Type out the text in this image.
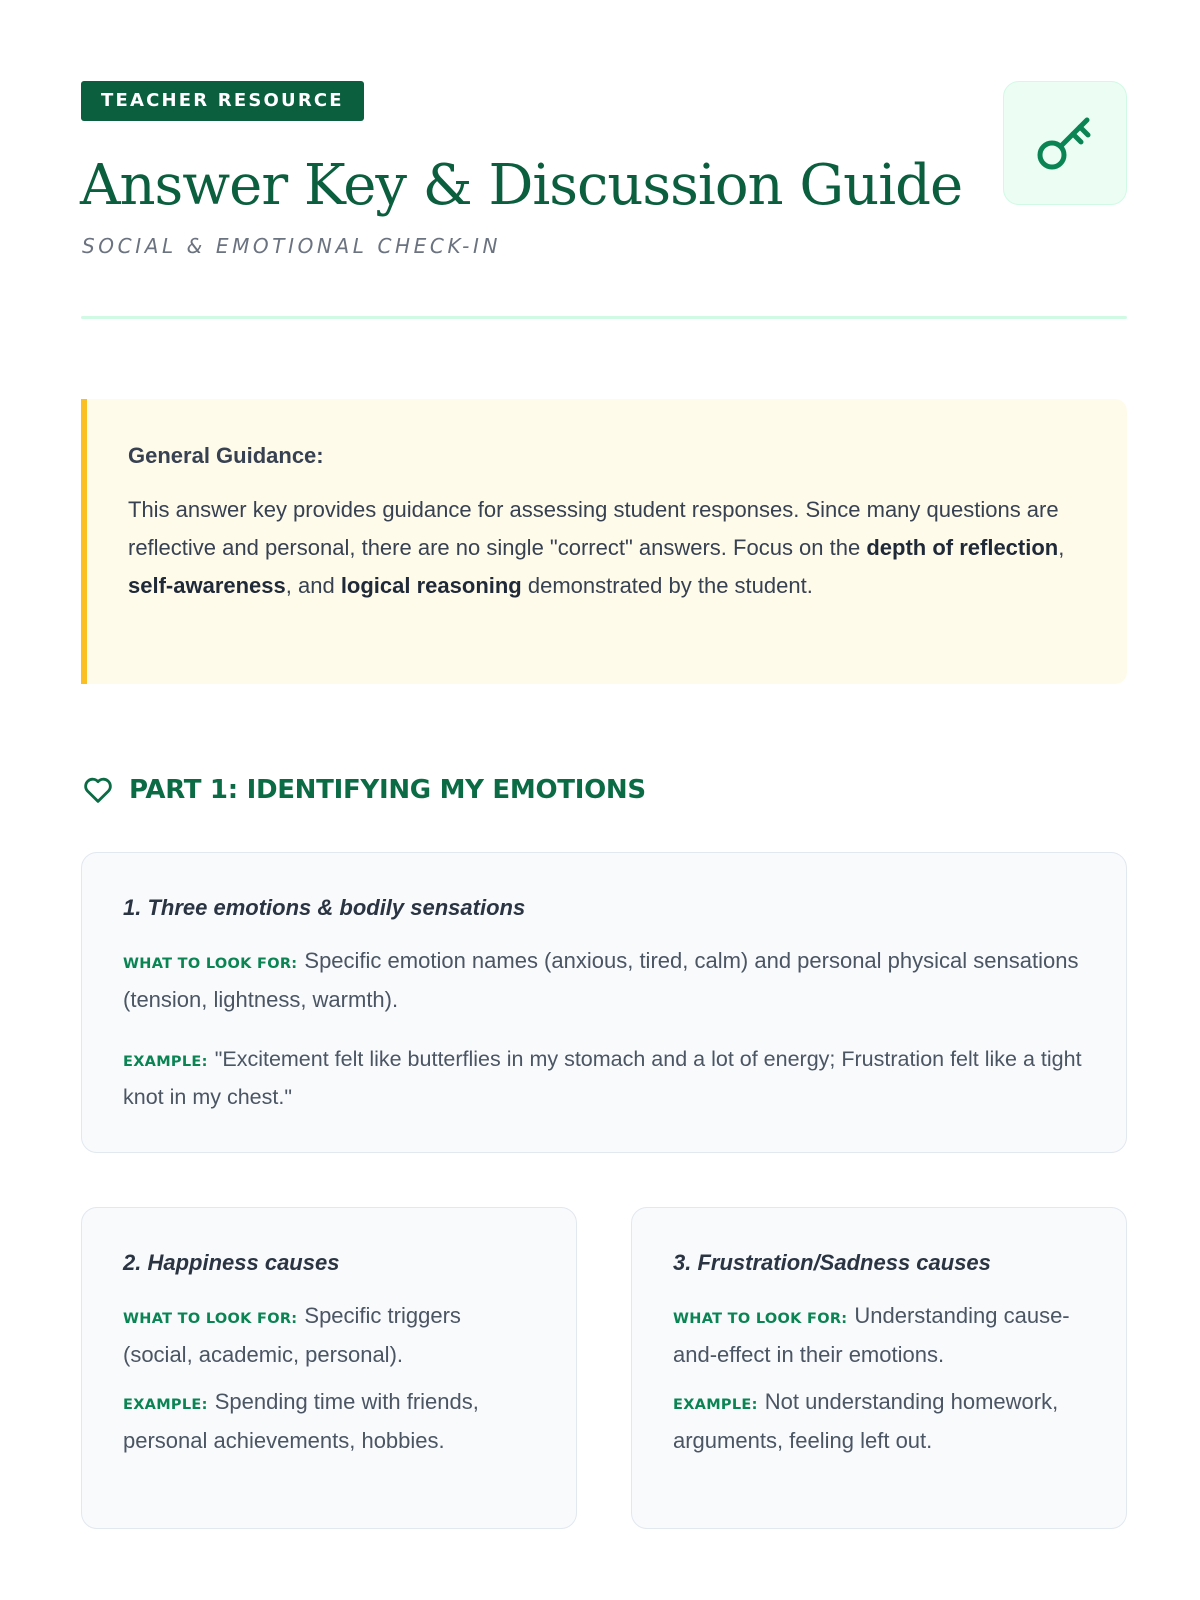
TEACHER RESOURCE
Answer Key & Discussion Guide
SOCIAL & EMOTIONAL CHECK-IN
General Guidance:

This answer key provides guidance for assessing student responses. Since many questions are reflective and personal, there are no single "correct" answers. Focus on the depth of reflection, self-awareness, and logical reasoning demonstrated by the student.

PART 1: IDENTIFYING MY EMOTIONS
1. Three emotions & bodily sensations
WHAT TO LOOK FOR: Specific emotion names (anxious, tired, calm) and personal physical sensations (tension, lightness, warmth).
EXAMPLE: "Excitement felt like butterflies in my stomach and a lot of energy; Frustration felt like a tight knot in my chest."
2. Happiness causes
WHAT TO LOOK FOR: Specific triggers (social, academic, personal).
EXAMPLE: Spending time with friends, personal achievements, hobbies.
3. Frustration/Sadness causes
WHAT TO LOOK FOR: Understanding cause-and-effect in their emotions.
EXAMPLE: Not understanding homework, arguments, feeling left out.
